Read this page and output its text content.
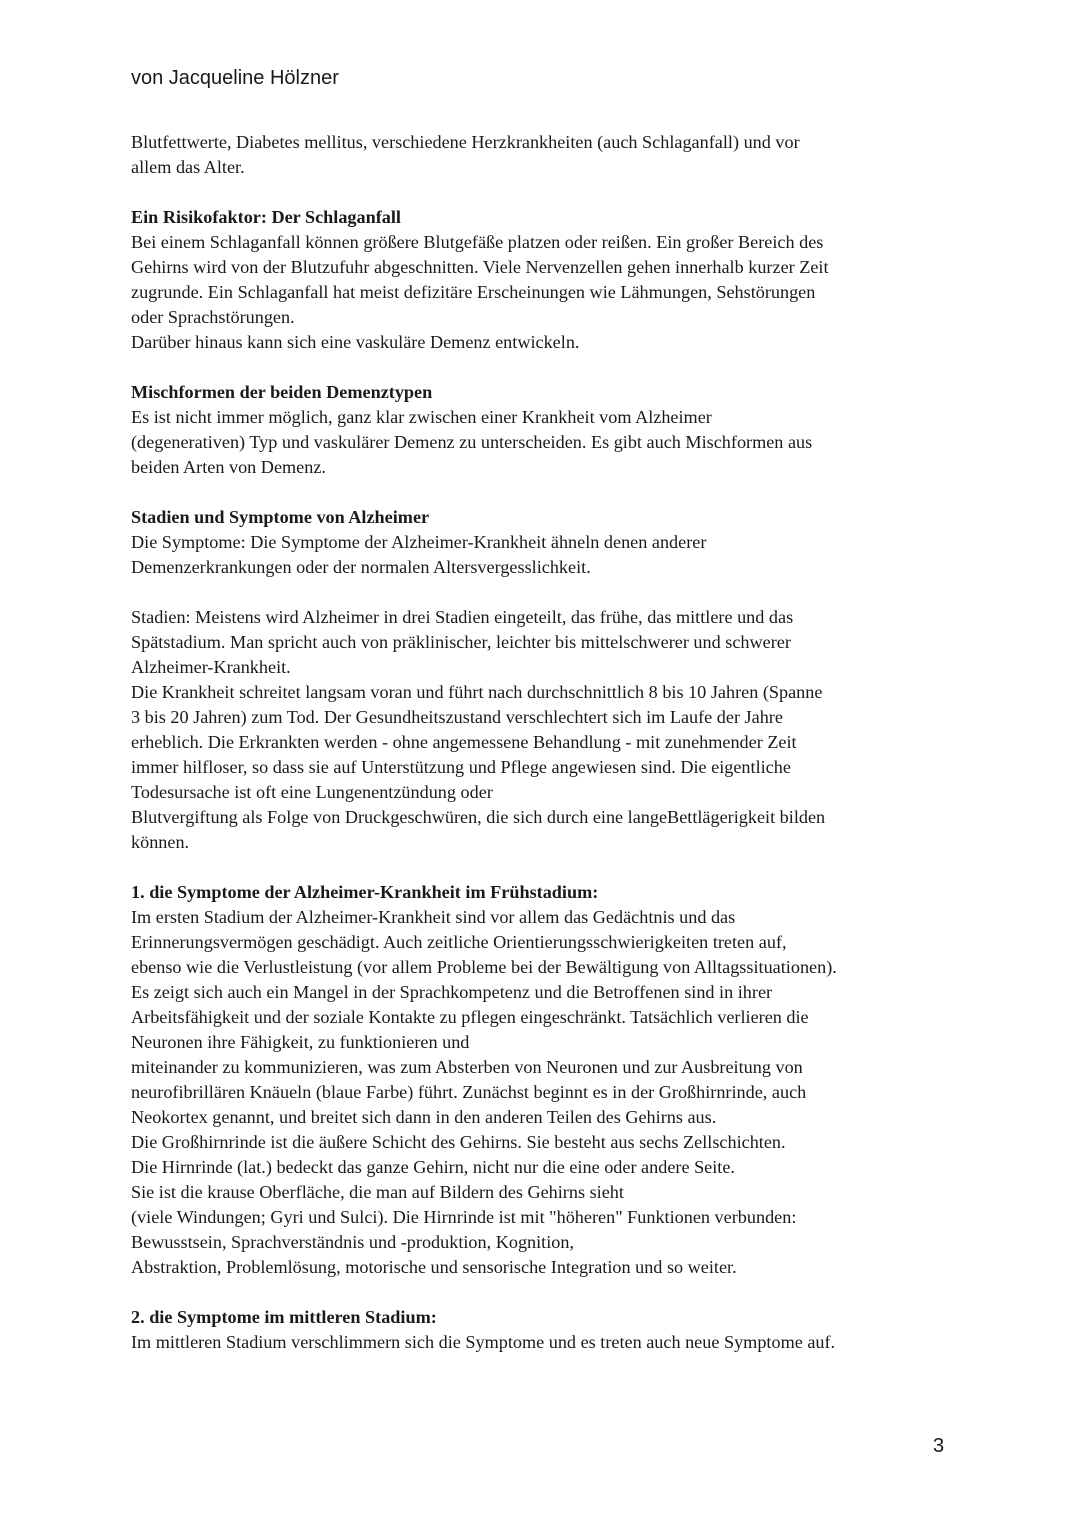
von Jacqueline Hölzner
Blutfettwerte, Diabetes mellitus, verschiedene Herzkrankheiten (auch Schlaganfall) und vor
allem das Alter.
Ein Risikofaktor: Der Schlaganfall
Bei einem Schlaganfall können größere Blutgefäße platzen oder reißen. Ein großer Bereich des
Gehirns wird von der Blutzufuhr abgeschnitten. Viele Nervenzellen gehen innerhalb kurzer Zeit
zugrunde. Ein Schlaganfall hat meist defizitäre Erscheinungen wie Lähmungen, Sehstörungen
oder Sprachstörungen.
Darüber hinaus kann sich eine vaskuläre Demenz entwickeln.
Mischformen der beiden Demenztypen
Es ist nicht immer möglich, ganz klar zwischen einer Krankheit vom Alzheimer
(degenerativen) Typ und vaskulärer Demenz zu unterscheiden. Es gibt auch Mischformen aus
beiden Arten von Demenz.
Stadien und Symptome von Alzheimer
Die Symptome: Die Symptome der Alzheimer-Krankheit ähneln denen anderer
Demenzerkrankungen oder der normalen Altersvergesslichkeit.
Stadien: Meistens wird Alzheimer in drei Stadien eingeteilt, das frühe, das mittlere und das
Spätstadium. Man spricht auch von präklinischer, leichter bis mittelschwerer und schwerer
Alzheimer-Krankheit.
Die Krankheit schreitet langsam voran und führt nach durchschnittlich 8 bis 10 Jahren (Spanne
3 bis 20 Jahren) zum Tod. Der Gesundheitszustand verschlechtert sich im Laufe der Jahre
erheblich. Die Erkrankten werden - ohne angemessene Behandlung - mit zunehmender Zeit
immer hilfloser, so dass sie auf Unterstützung und Pflege angewiesen sind. Die eigentliche
Todesursache ist oft eine Lungenentzündung oder
Blutvergiftung als Folge von Druckgeschwüren, die sich durch eine langeBettlägerigkeit bilden
können.
1. die Symptome der Alzheimer-Krankheit im Frühstadium:
Im ersten Stadium der Alzheimer-Krankheit sind vor allem das Gedächtnis und das
Erinnerungsvermögen geschädigt. Auch zeitliche Orientierungsschwierigkeiten treten auf,
ebenso wie die Verlustleistung (vor allem Probleme bei der Bewältigung von Alltagssituationen).
Es zeigt sich auch ein Mangel in der Sprachkompetenz und die Betroffenen sind in ihrer
Arbeitsfähigkeit und der soziale Kontakte zu pflegen eingeschränkt. Tatsächlich verlieren die
Neuronen ihre Fähigkeit, zu funktionieren und
miteinander zu kommunizieren, was zum Absterben von Neuronen und zur Ausbreitung von
neurofibrillären Knäueln (blaue Farbe) führt. Zunächst beginnt es in der Großhirnrinde, auch
Neokortex genannt, und breitet sich dann in den anderen Teilen des Gehirns aus.
Die Großhirnrinde ist die äußere Schicht des Gehirns. Sie besteht aus sechs Zellschichten.
Die Hirnrinde (lat.) bedeckt das ganze Gehirn, nicht nur die eine oder andere Seite.
Sie ist die krause Oberfläche, die man auf Bildern des Gehirns sieht
(viele Windungen; Gyri und Sulci). Die Hirnrinde ist mit "höheren" Funktionen verbunden:
Bewusstsein, Sprachverständnis und -produktion, Kognition,
Abstraktion, Problemlösung, motorische und sensorische Integration und so weiter.
2. die Symptome im mittleren Stadium:
Im mittleren Stadium verschlimmern sich die Symptome und es treten auch neue Symptome auf.
3
